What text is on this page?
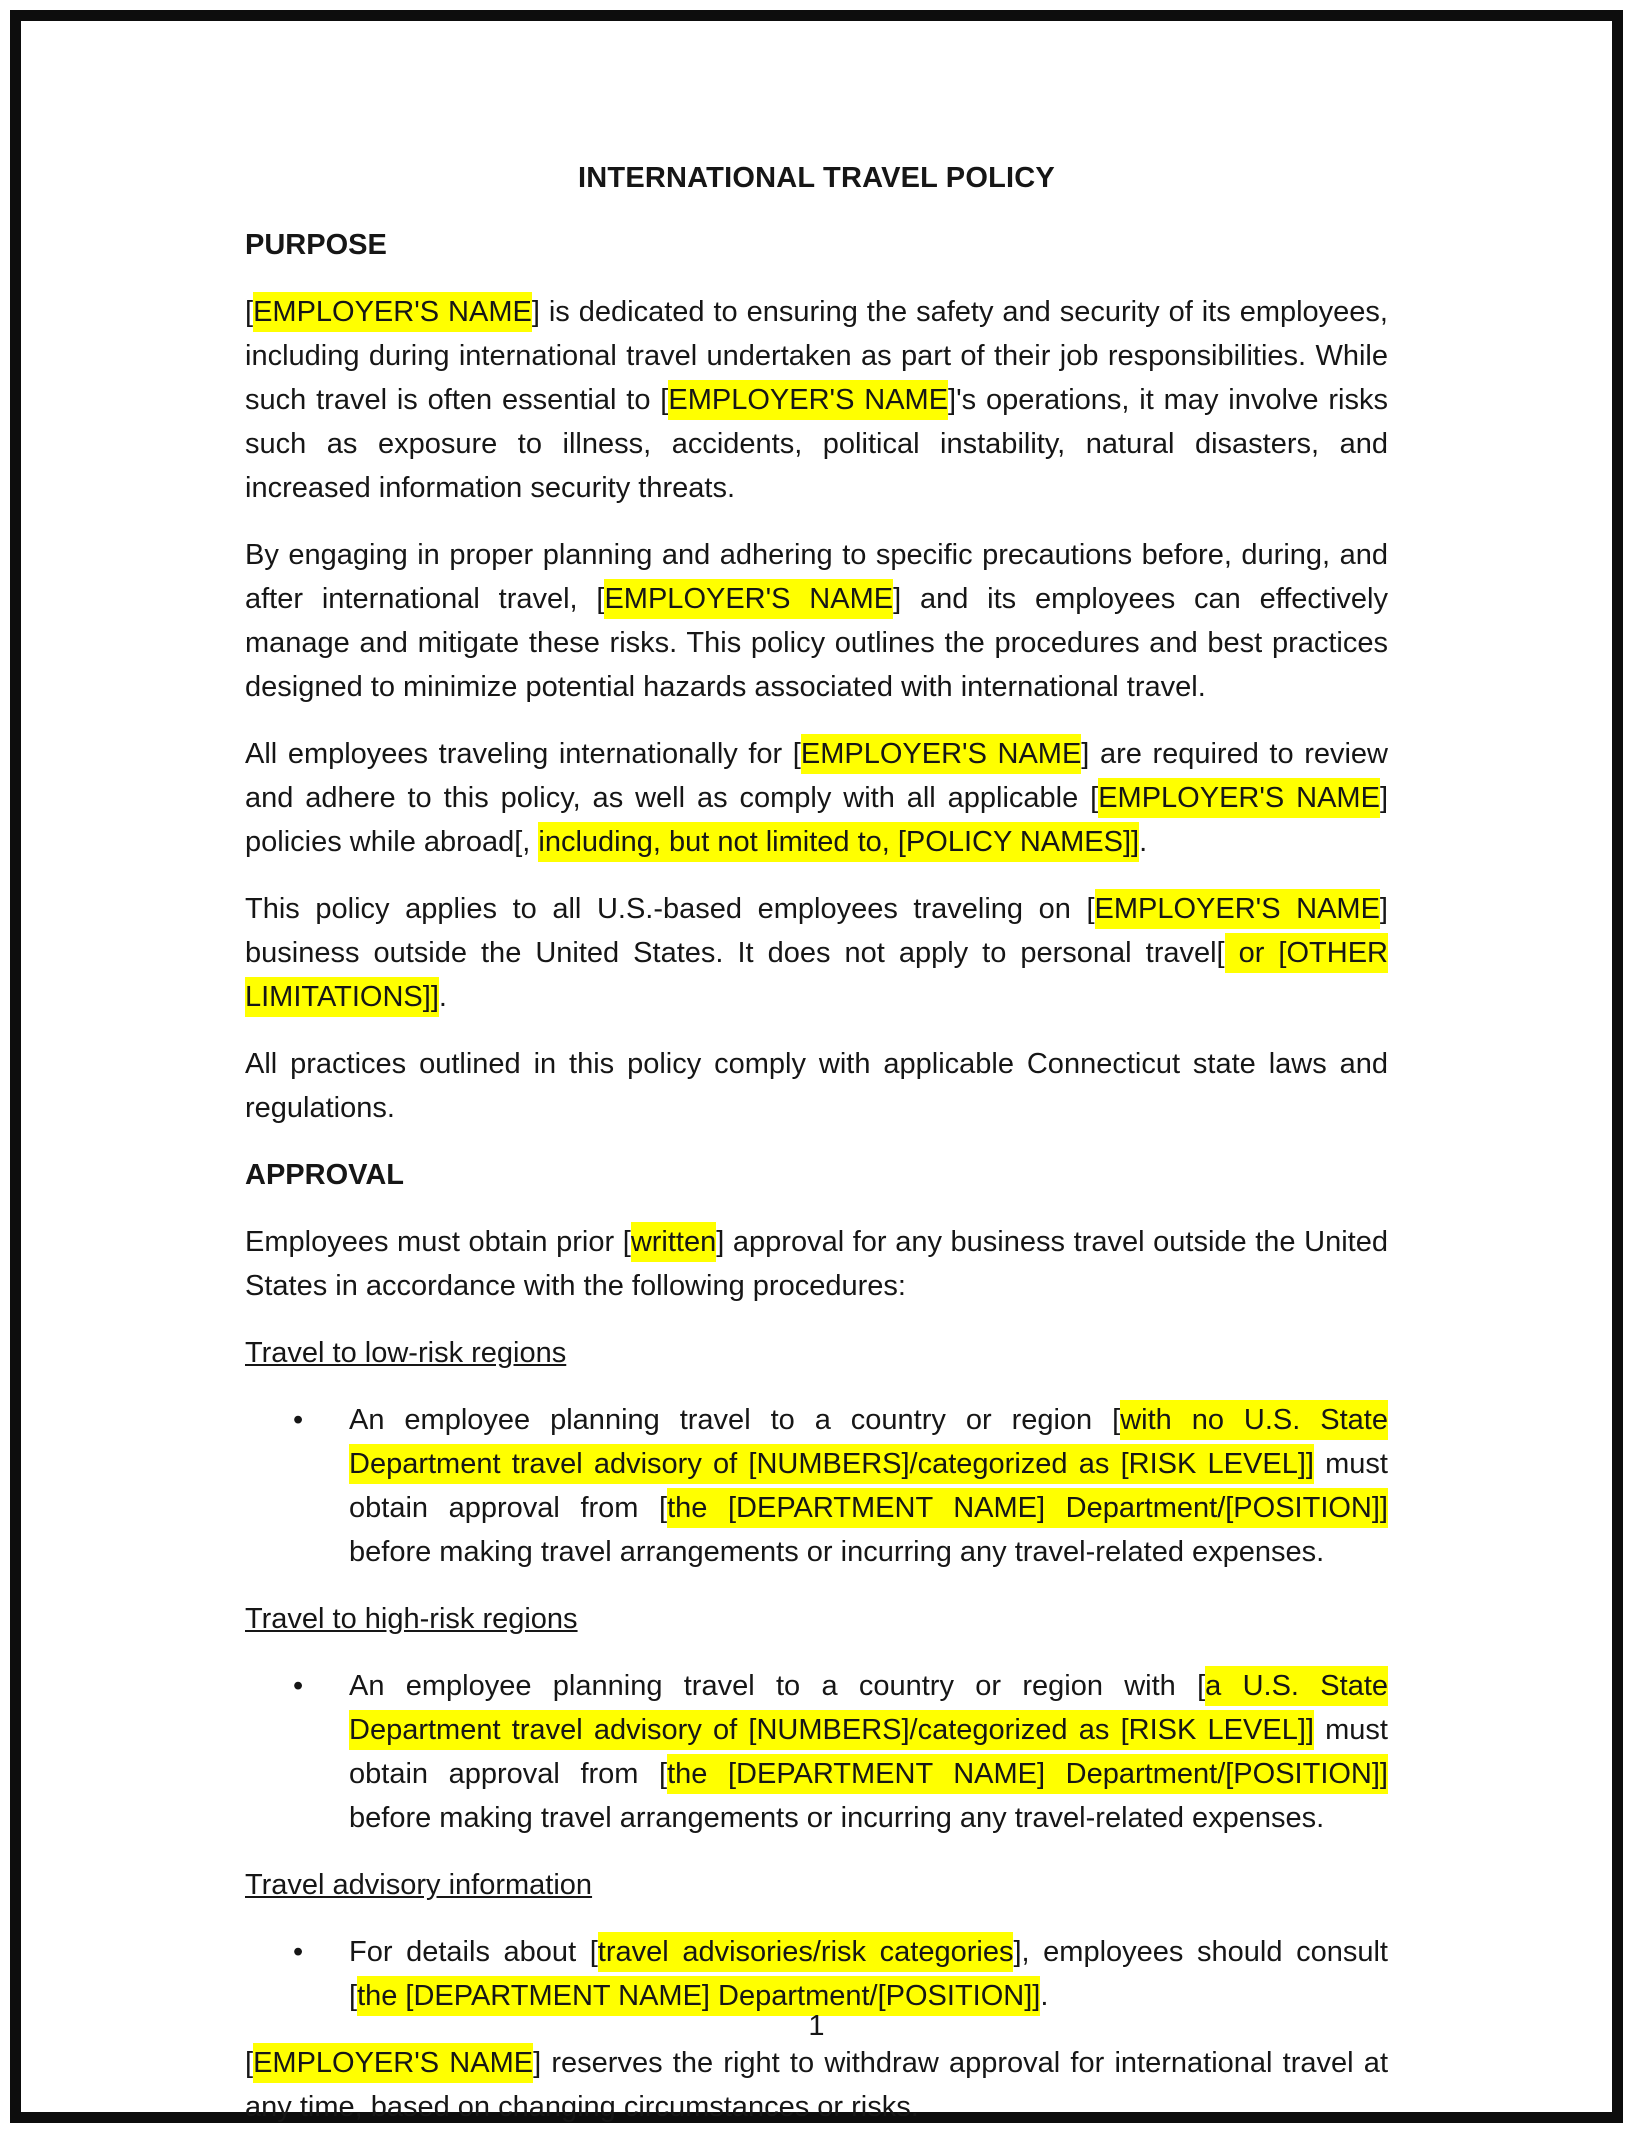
INTERNATIONAL TRAVEL POLICY

PURPOSE

[EMPLOYER'S NAME] is dedicated to ensuring the safety and security of its employees, including during international travel undertaken as part of their job responsibilities. While such travel is often essential to [EMPLOYER'S NAME]'s operations, it may involve risks such as exposure to illness, accidents, political instability, natural disasters, and increased information security threats.

By engaging in proper planning and adhering to specific precautions before, during, and after international travel, [EMPLOYER'S NAME] and its employees can effectively manage and mitigate these risks. This policy outlines the procedures and best practices designed to minimize potential hazards associated with international travel.

All employees traveling internationally for [EMPLOYER'S NAME] are required to review and adhere to this policy, as well as comply with all applicable [EMPLOYER'S NAME] policies while abroad[, including, but not limited to, [POLICY NAMES]].

This policy applies to all U.S.-based employees traveling on [EMPLOYER'S NAME] business outside the United States. It does not apply to personal travel[ or [OTHER LIMITATIONS]].

All practices outlined in this policy comply with applicable Connecticut state laws and regulations.

APPROVAL

Employees must obtain prior [written] approval for any business travel outside the United States in accordance with the following procedures:

Travel to low-risk regions

•	An employee planning travel to a country or region [with no U.S. State Department travel advisory of [NUMBERS]/categorized as [RISK LEVEL]] must obtain approval from [the [DEPARTMENT NAME] Department/[POSITION]] before making travel arrangements or incurring any travel-related expenses.

Travel to high-risk regions

•	An employee planning travel to a country or region with [a U.S. State Department travel advisory of [NUMBERS]/categorized as [RISK LEVEL]] must obtain approval from [the [DEPARTMENT NAME] Department/[POSITION]] before making travel arrangements or incurring any travel-related expenses.

Travel advisory information

•	For details about [travel advisories/risk categories], employees should consult [the [DEPARTMENT NAME] Department/[POSITION]].

[EMPLOYER'S NAME] reserves the right to withdraw approval for international travel at any time, based on changing circumstances or risks.

1
